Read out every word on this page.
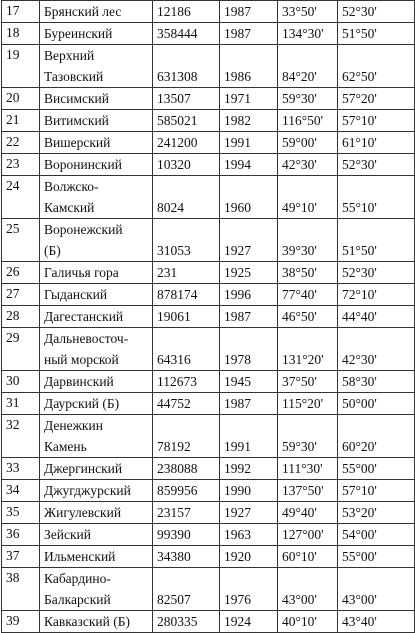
17	Брянский лес	12186	1987	33°50'	52°30'
18	Буреинский	358444	1987	134°30'	51°50'
19	Верхний
Тазовский	631308	1986	84°20'	62°50'
20	Висимский	13507	1971	59°30'	57°20'
21	Витимский	585021	1982	116°50'	57°10'
22	Вишерский	241200	1991	59°00'	61°10'
23	Воронинский	10320	1994	42°30'	52°30'
24	Волжско-
Камский	8024	1960	49°10'	55°10'
25	Воронежский
(Б)	31053	1927	39°30'	51°50'
26	Галичья гора	231	1925	38°50'	52°30'
27	Гыданский	878174	1996	77°40'	72°10'
28	Дагестанский	19061	1987	46°50'	44°40'
29	Дальневосточ-
ный морской	64316	1978	131°20'	42°30'
30	Дарвинский	112673	1945	37°50'	58°30'
31	Даурский (Б)	44752	1987	115°20'	50°00'
32	Денежкин
Камень	78192	1991	59°30'	60°20'
33	Джергинский	238088	1992	111°30'	55°00'
34	Джугджурский	859956	1990	137°50'	57°10'
35	Жигулевский	23157	1927	49°40'	53°20'
36	Зейский	99390	1963	127°00'	54°00'
37	Ильменский	34380	1920	60°10'	55°00'
38	Кабардино-
Балкарский	82507	1976	43°00'	43°00'
39	Кавказский (Б)	280335	1924	40°10'	43°40'
